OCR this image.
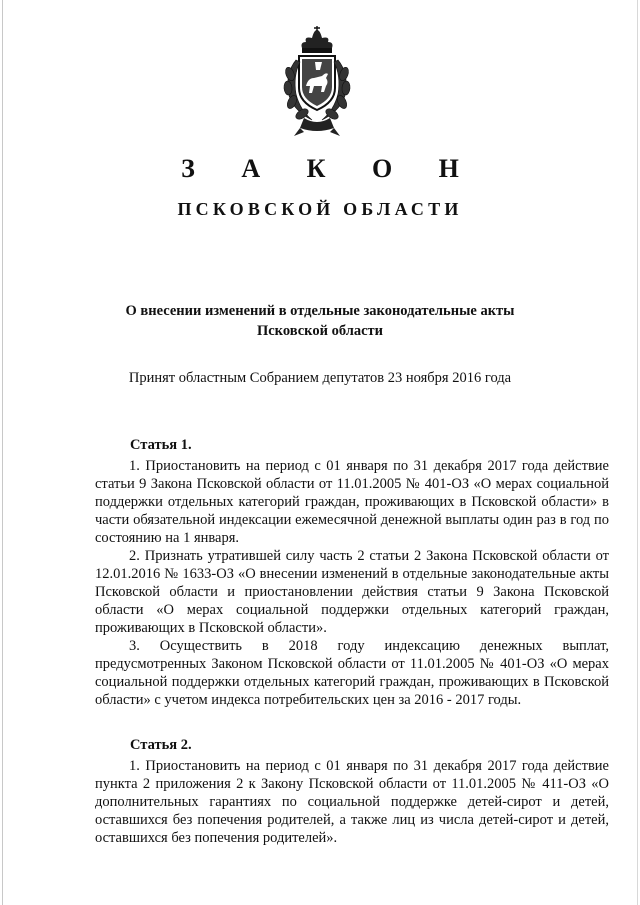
З А К О Н
ПСКОВСКОЙ ОБЛАСТИ
О внесении изменений в отдельные законодательные акты
Псковской области
Принят областным Собранием депутатов 23 ноября 2016 года
Статья 1.

1. Приостановить на период с 01 января по 31 декабря 2017 года действие статьи 9 Закона Псковской области от 11.01.2005 № 401-ОЗ «О мерах социальной поддержки отдельных категорий граждан, проживающих в Псковской области» в части обязательной индексации ежемесячной денежной выплаты один раз в год по состоянию на 1 января.

2. Признать утратившей силу часть 2 статьи 2 Закона Псковской области от 12.01.2016 № 1633-ОЗ «О внесении изменений в отдельные законодательные акты Псковской области и приостановлении действия статьи 9 Закона Псковской области «О мерах социальной поддержки отдельных категорий граждан, проживающих в Псковской области».

3. Осуществить в 2018 году индексацию денежных выплат, предусмотренных Законом Псковской области от 11.01.2005 № 401-ОЗ «О мерах социальной поддержки отдельных категорий граждан, проживающих в Псковской области» с учетом индекса потребительских цен за 2016 - 2017 годы.

Статья 2.

1. Приостановить на период с 01 января по 31 декабря 2017 года действие пункта 2 приложения 2 к Закону Псковской области от 11.01.2005 № 411-ОЗ «О дополнительных гарантиях по социальной поддержке детей-сирот и детей, оставшихся без попечения родителей, а также лиц из числа детей-сирот и детей, оставшихся без попечения родителей».
